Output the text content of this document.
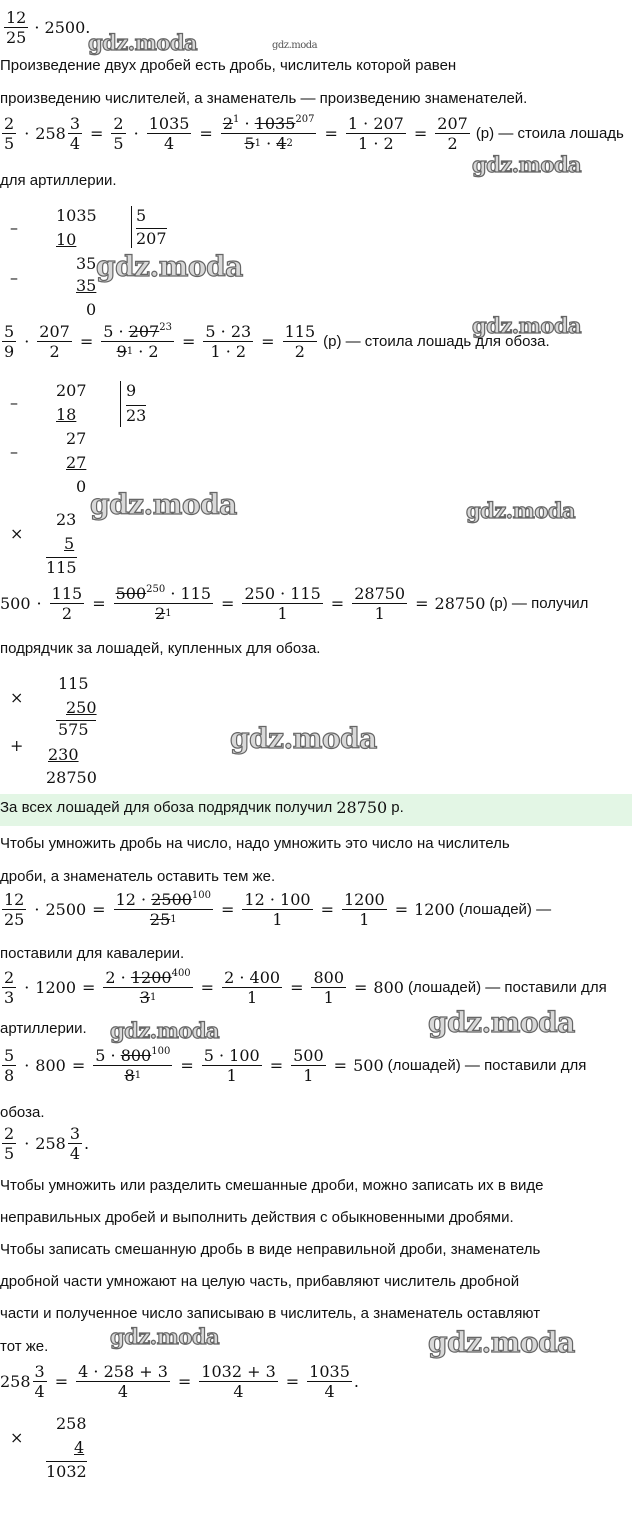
$\frac{12}{25} \cdot 2500$.
gdz.moda	gdz.moda
Произведение двух дробей есть дробь, числитель которой равен
произведению числителей, а знаменатель — произведению знаменателей.
$\frac{2}{5} \cdot 258 \frac{3}{4} = \frac{2}{5} \cdot \frac{1035}{4} = \frac{2^1 \cdot 1035^{207}}{51 \cdot 42} = \frac{1 \cdot 207}{1 \cdot 2} = \frac{207}{2} (р)$ — стоила лошадь
gdz.moda
для артиллерии.
–
1035 5
207
10
–
35
35
0
gdz.moda
gdz.moda
$\frac{5}{9} \cdot \frac{207}{2} = \frac{5 \cdot 207^{23}}{91 \cdot 2} = \frac{5 \cdot 23}{1 \cdot 2} = \frac{115}{2} (р)$ — стоила лошадь для обоза.
–
207 9
23
18
–
27
27
0
gdz.moda	gdz.moda
×
23
5
115
$500 \cdot \frac{115}{2} = \frac{500^{250} \cdot 115}{21} = \frac{250 \cdot 115}{1} = \frac{28750}{1} = 28750$ (р) — получил
подрядчик за лошадей, купленных для обоза.
×
115
250
575
+ 230
28750
gdz.moda
За всех лошадей для обоза подрядчик получил 28750 р.
Чтобы умножить дробь на число, надо умножить это число на числитель
дроби, а знаменатель оставить тем же.
$\frac{12}{25} \cdot 2500 = \frac{12 \cdot 2500^{100}}{251} = \frac{12 \cdot 100}{1} = \frac{1200}{1} = 1200$ (лошадей) —
поставили для кавалерии.
$\frac{2}{3} \cdot 1200 = \frac{2 \cdot 1200^{400}}{31} = \frac{2 \cdot 400}{1} = \frac{800}{1} = 800$ (лошадей) — поставили для
артиллерии. gdz.moda	gdz.moda
$\frac{5}{8} \cdot 800 = \frac{5 \cdot 800^{100}}{81} = \frac{5 \cdot 100}{1} = \frac{500}{1} = 500$ (лошадей) — поставили для
обоза.
$\frac{2}{5} \cdot 258 \frac{3}{4}$ .
Чтобы умножить или разделить смешанные дроби, можно записать их в виде
неправильных дробей и выполнить действия с обыкновенными дробями.
Чтобы записать смешанную дробь в виде неправильной дроби, знаменатель
дробной части умножают на целую часть, прибавляют числитель дробной
части и полученное число записываю в числитель, а знаменатель оставляют
тот же.	gdz.moda	gdz.moda
$258 \frac{3}{4} = \frac{4 \cdot 258 + 3}{4} = \frac{1032 + 3}{4} = \frac{1035}{4}$ .
×
258
4
1032
